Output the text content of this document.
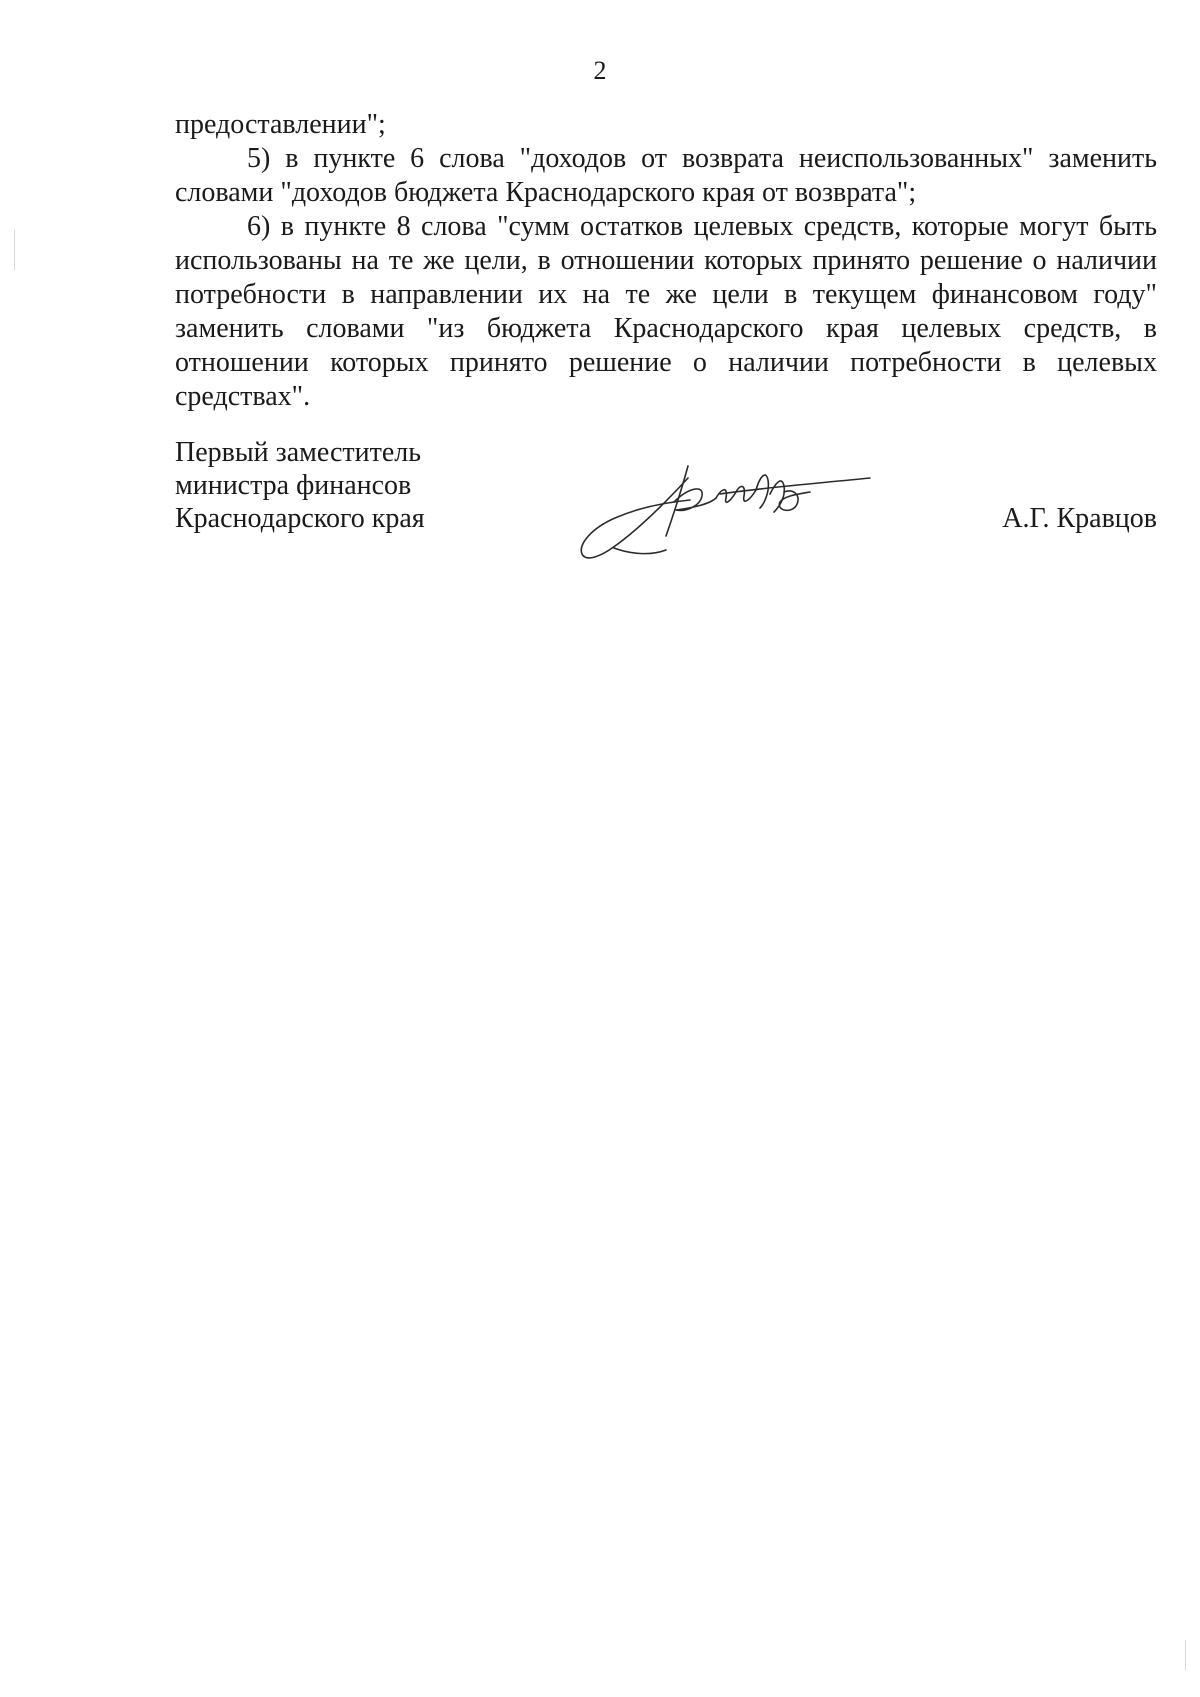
2

предоставлении";

5) в пункте 6 слова "доходов от возврата неиспользованных" заменить словами "доходов бюджета Краснодарского края от возврата";

6) в пункте 8 слова "сумм остатков целевых средств, которые могут быть использованы на те же цели, в отношении которых принято решение о наличии потребности в направлении их на те же цели в текущем финансовом году" заменить словами "из бюджета Краснодарского края целевых средств, в отношении которых принято решение о наличии потребности в целевых средствах".

Первый заместитель
министра финансов
Краснодарского края	А.Г. Кравцов
